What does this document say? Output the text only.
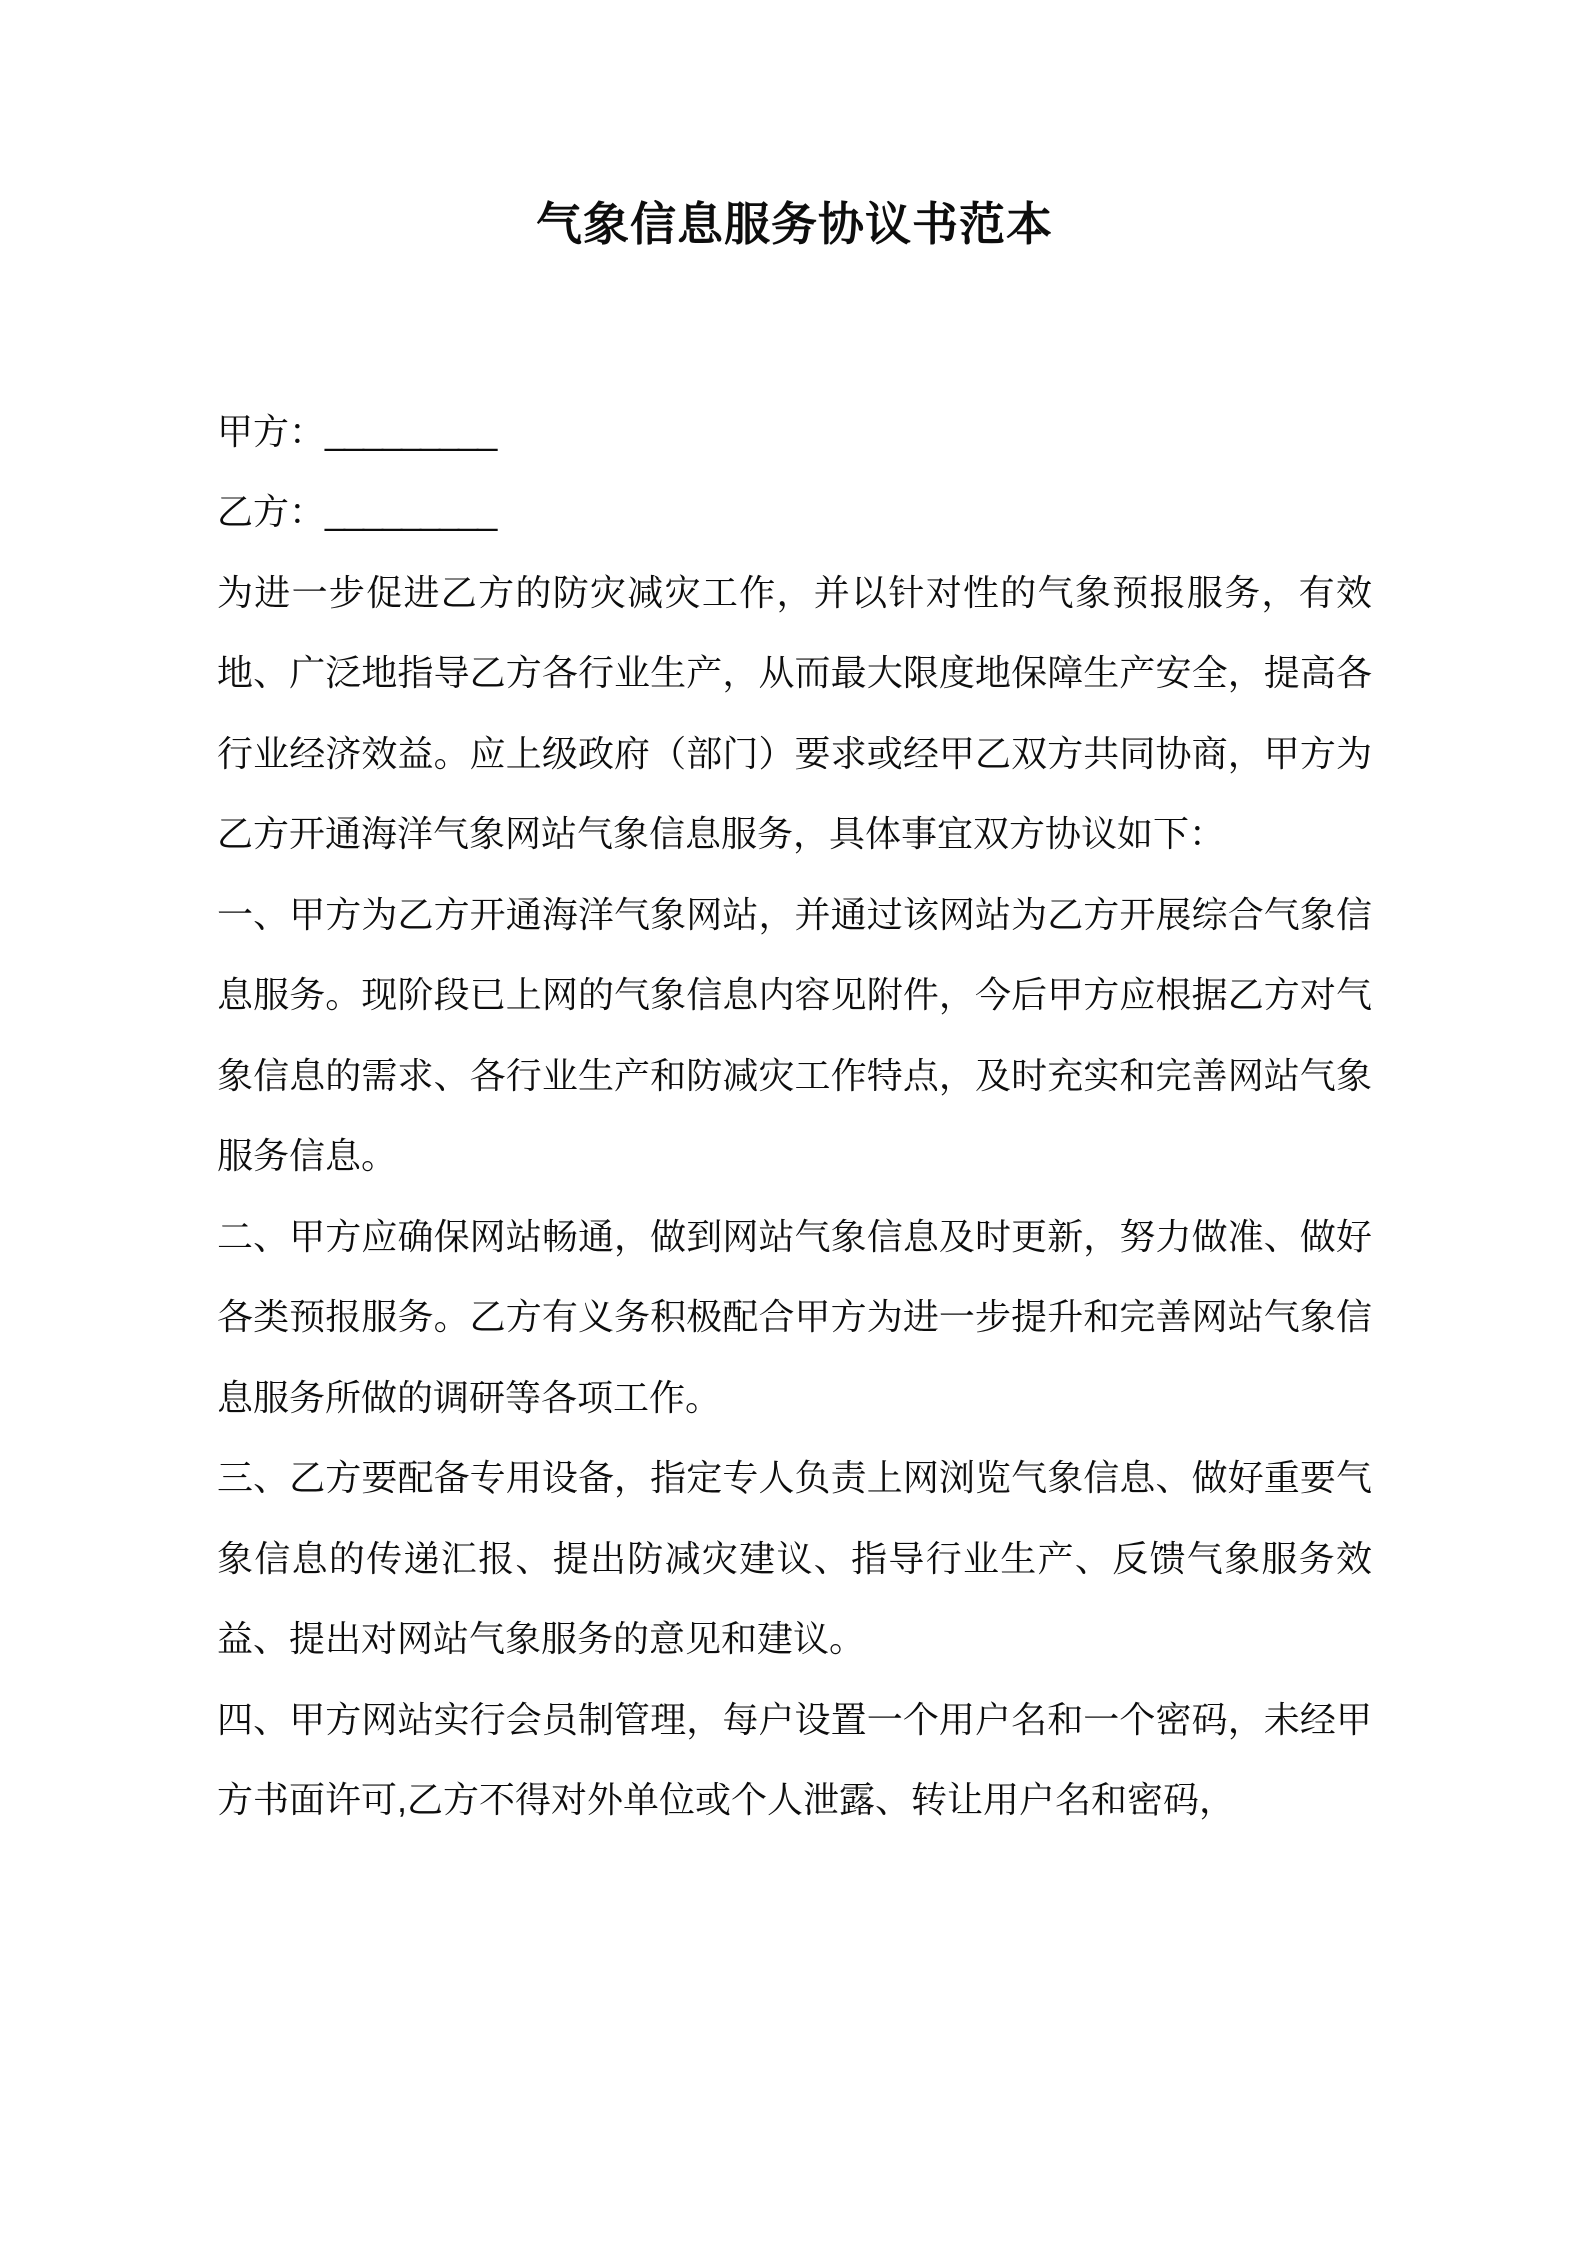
气象信息服务协议书范本

甲方：_________

乙方：_________

为进一步促进乙方的防灾减灾工作，并以针对性的气象预报服务，有效地、广泛地指导乙方各行业生产，从而最大限度地保障生产安全，提高各行业经济效益。应上级政府（部门）要求或经甲乙双方共同协商，甲方为乙方开通海洋气象网站气象信息服务，具体事宜双方协议如下：

一、甲方为乙方开通海洋气象网站，并通过该网站为乙方开展综合气象信息服务。现阶段已上网的气象信息内容见附件，今后甲方应根据乙方对气象信息的需求、各行业生产和防减灾工作特点，及时充实和完善网站气象服务信息。

二、甲方应确保网站畅通，做到网站气象信息及时更新，努力做准、做好各类预报服务。乙方有义务积极配合甲方为进一步提升和完善网站气象信息服务所做的调研等各项工作。

三、乙方要配备专用设备，指定专人负责上网浏览气象信息、做好重要气象信息的传递汇报、提出防减灾建议、指导行业生产、反馈气象服务效益、提出对网站气象服务的意见和建议。

四、甲方网站实行会员制管理，每户设置一个用户名和一个密码，未经甲方书面许可,乙方不得对外单位或个人泄露、转让用户名和密码，
